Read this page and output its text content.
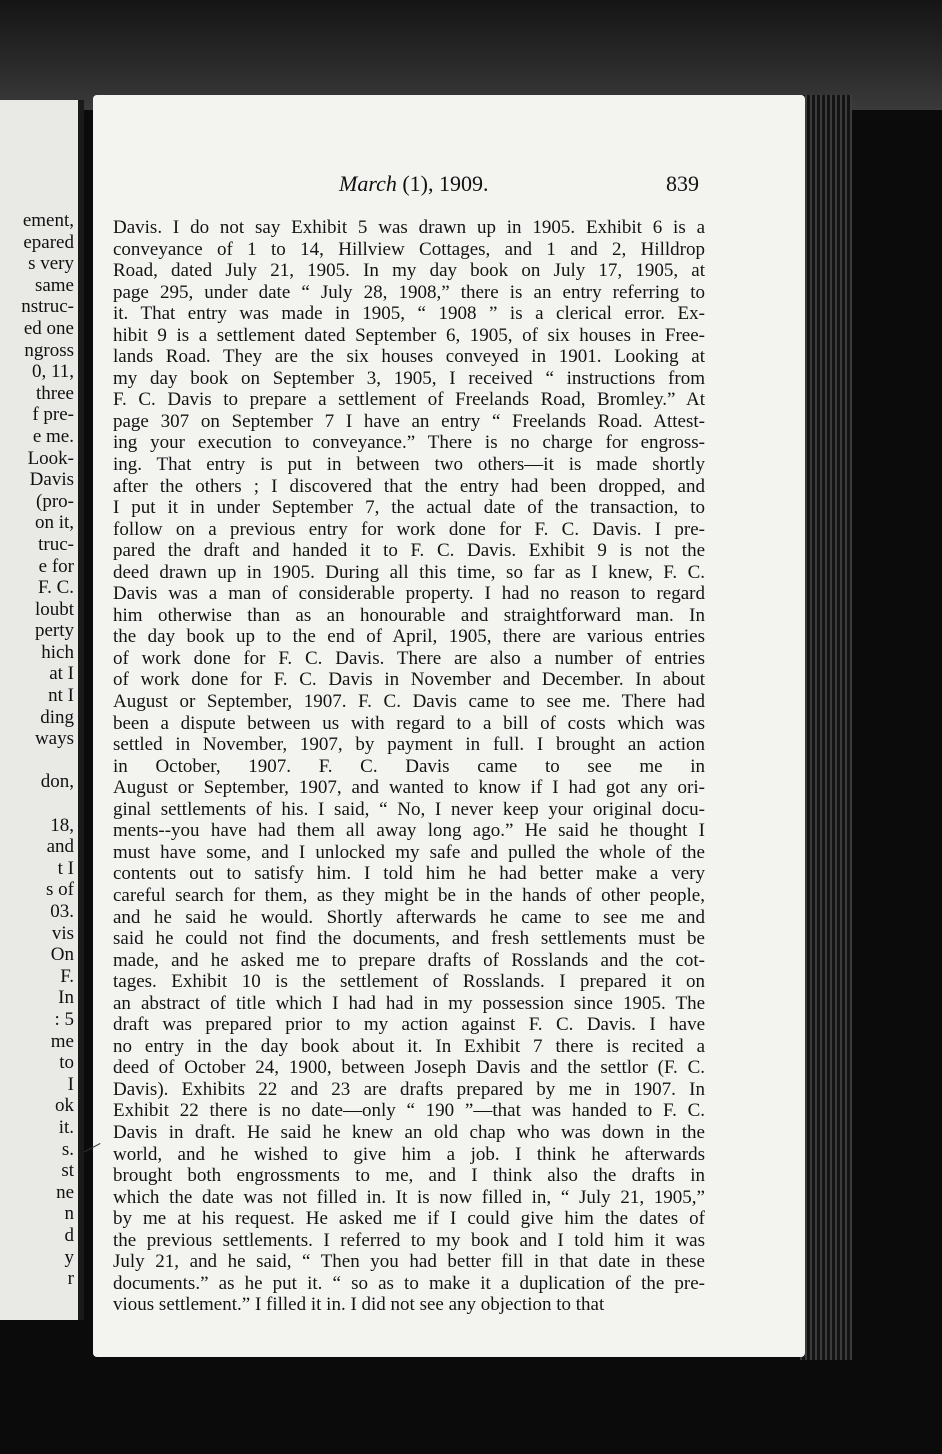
ement,
epared
s very
same
nstruc-
ed one
ngross
0, 11,
three
f pre-
e me.
Look-
Davis
(pro-
on it,
truc-
e for
F. C.
loubt
perty
hich
at I
nt I
ding
ways
don,
18,
and
t I
s of
03.
vis
On
F.
In
: 5
me
to
I
ok
it.
s.
st
ne
n
d
y
r
March (1), 1909.	839
Davis. I do not say Exhibit 5 was drawn up in 1905. Exhibit 6 is a
conveyance of 1 to 14, Hillview Cottages, and 1 and 2, Hilldrop
Road, dated July 21, 1905. In my day book on July 17, 1905, at
page 295, under date “ July 28, 1908,” there is an entry referring to
it. That entry was made in 1905, “ 1908 ” is a clerical error. Ex-
hibit 9 is a settlement dated September 6, 1905, of six houses in Free-
lands Road. They are the six houses conveyed in 1901. Looking at
my day book on September 3, 1905, I received “ instructions from
F. C. Davis to prepare a settlement of Freelands Road, Bromley.” At
page 307 on September 7 I have an entry “ Freelands Road. Attest-
ing your execution to conveyance.” There is no charge for engross-
ing. That entry is put in between two others—it is made shortly
after the others ; I discovered that the entry had been dropped, and
I put it in under September 7, the actual date of the transaction, to
follow on a previous entry for work done for F. C. Davis. I pre-
pared the draft and handed it to F. C. Davis. Exhibit 9 is not the
deed drawn up in 1905. During all this time, so far as I knew, F. C.
Davis was a man of considerable property. I had no reason to regard
him otherwise than as an honourable and straightforward man. In
the day book up to the end of April, 1905, there are various entries
of work done for F. C. Davis. There are also a number of entries
of work done for F. C. Davis in November and December. In about
August or September, 1907. F. C. Davis came to see me. There had
been a dispute between us with regard to a bill of costs which was
settled in November, 1907, by payment in full. I brought an action
in October, 1907. F. C. Davis came to see me in
August or September, 1907, and wanted to know if I had got any ori-
ginal settlements of his. I said, “ No, I never keep your original docu-
ments--you have had them all away long ago.” He said he thought I
must have some, and I unlocked my safe and pulled the whole of the
contents out to satisfy him. I told him he had better make a very
careful search for them, as they might be in the hands of other people,
and he said he would. Shortly afterwards he came to see me and
said he could not find the documents, and fresh settlements must be
made, and he asked me to prepare drafts of Rosslands and the cot-
tages. Exhibit 10 is the settlement of Rosslands. I prepared it on
an abstract of title which I had had in my possession since 1905. The
draft was prepared prior to my action against F. C. Davis. I have
no entry in the day book about it. In Exhibit 7 there is recited a
deed of October 24, 1900, between Joseph Davis and the settlor (F. C.
Davis). Exhibits 22 and 23 are drafts prepared by me in 1907. In
Exhibit 22 there is no date—only “ 190 ”—that was handed to F. C.
Davis in draft. He said he knew an old chap who was down in the
world, and he wished to give him a job. I think he afterwards
brought both engrossments to me, and I think also the drafts in
which the date was not filled in. It is now filled in, “ July 21, 1905,”
by me at his request. He asked me if I could give him the dates of
the previous settlements. I referred to my book and I told him it was
July 21, and he said, “ Then you had better fill in that date in these
documents.” as he put it. “ so as to make it a duplication of the pre-
vious settlement.” I filled it in. I did not see any objection to that
